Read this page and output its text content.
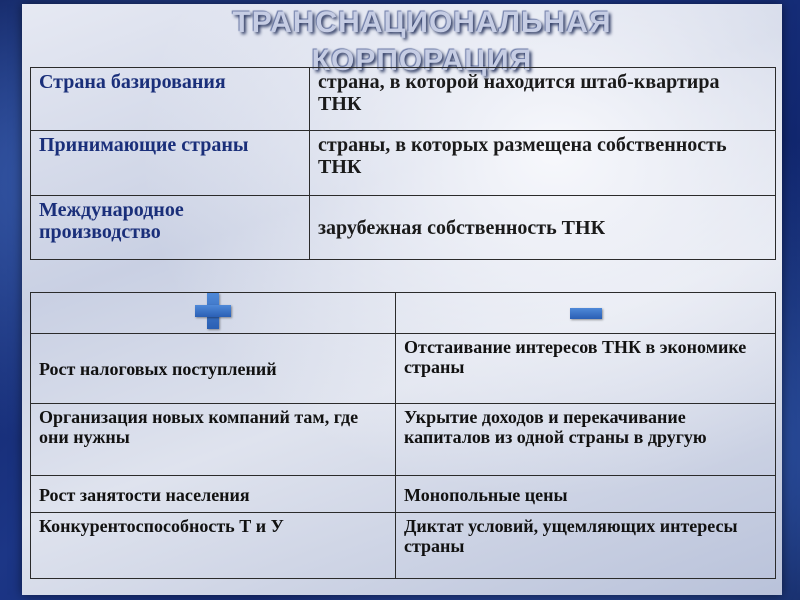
ТРАНСНАЦИОНАЛЬНАЯ
КОРПОРАЦИЯ
Страна базирования	страна, в которой находится штаб-квартира ТНК
Принимающие страны	страны, в которых размещена собственность ТНК
Международное производство	зарубежная собственность ТНК

Рост налоговых поступлений	Отстаивание интересов ТНК в экономике страны
Организация новых компаний там, где они нужны	Укрытие доходов и перекачивание капиталов из одной страны в другую
Рост занятости населения	Монопольные цены
Конкурентоспособность Т и У	Диктат условий, ущемляющих интересы страны
